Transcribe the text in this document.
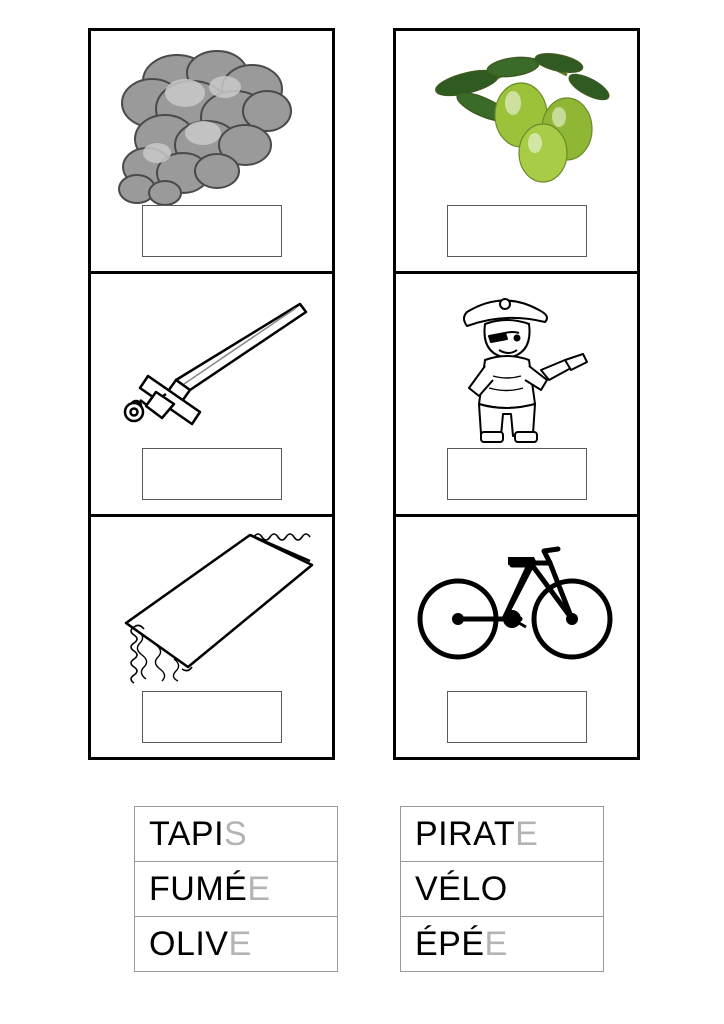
TAPIS
FUMÉE
OLIVE
PIRATE
VÉLO
ÉPÉE
